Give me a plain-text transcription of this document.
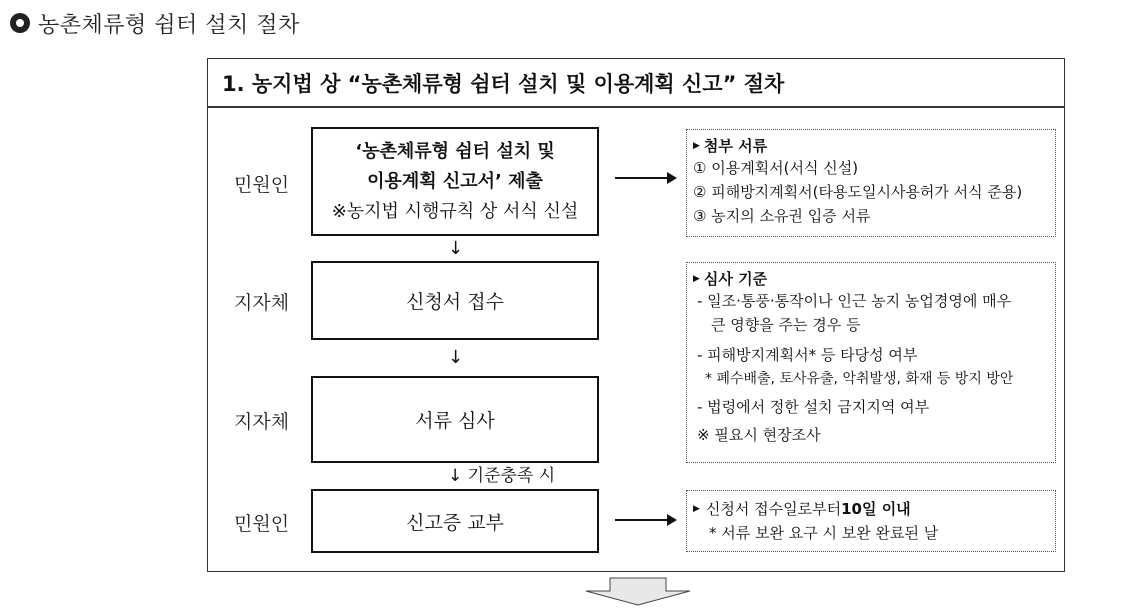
농촌체류형 쉼터 설치 절차
1. 농지법 상 “농촌체류형 쉼터 설치 및 이용계획 신고” 절차
민원인
‘농촌체류형 쉼터 설치 및
이용계획 신고서’ 제출
※농지법 시행규칙 상 서식 신설
▶ 첨부 서류
① 이용계획서(서식 신설)
② 피해방지계획서(타용도일시사용허가 서식 준용)
③ 농지의 소유권 입증 서류
↓
지자체	신청서 접수
▶ 심사 기준
- 일조·통풍·통작이나 인근 농지 농업경영에 매우
큰 영향을 주는 경우 등
- 피해방지계획서* 등 타당성 여부
* 폐수배출, 토사유출, 악취발생, 화재 등 방지 방안
- 법령에서 정한 설치 금지지역 여부
※ 필요시 현장조사
↓
지자체	서류 심사
↓ 기준충족 시
민원인	신고증 교부
▶ 신청서 접수일로부터 10일 이내
* 서류 보완 요구 시 보완 완료된 날
